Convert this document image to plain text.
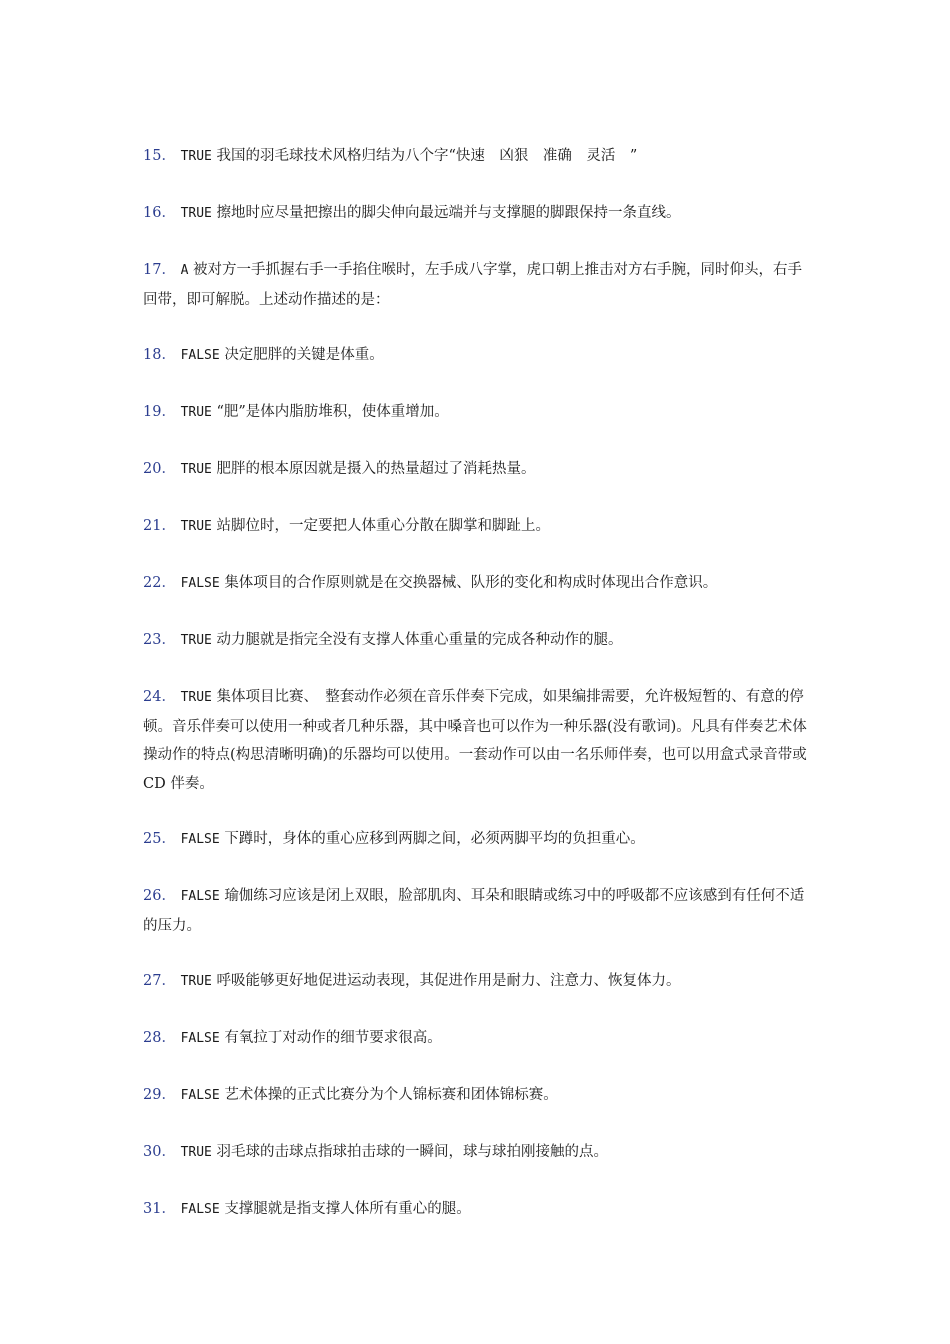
15． TRUE 我国的羽毛球技术风格归结为八个字“快速　凶狠　准确　灵活　”
16． TRUE 擦地时应尽量把擦出的脚尖伸向最远端并与支撑腿的脚跟保持一条直线。
17． A 被对方一手抓握右手一手掐住喉时，左手成八字掌，虎口朝上推击对方右手腕，同时仰头，右手回带，即可解脱。上述动作描述的是：
18． FALSE 决定肥胖的关键是体重。
19． TRUE “肥”是体内脂肪堆积，使体重增加。
20． TRUE 肥胖的根本原因就是摄入的热量超过了消耗热量。
21． TRUE 站脚位时，一定要把人体重心分散在脚掌和脚趾上。
22． FALSE 集体项目的合作原则就是在交换器械、队形的变化和构成时体现出合作意识。
23． TRUE 动力腿就是指完全没有支撑人体重心重量的完成各种动作的腿。
24． TRUE 集体项目比赛、　整套动作必须在音乐伴奏下完成，如果编排需要，允许极短暂的、有意的停顿。音乐伴奏可以使用一种或者几种乐器，其中嗓音也可以作为一种乐器(没有歌词)。凡具有伴奏艺术体操动作的特点(构思清晰明确)的乐器均可以使用。一套动作可以由一名乐师伴奏，也可以用盒式录音带或 CD 伴奏。
25． FALSE 下蹲时，身体的重心应移到两脚之间，必须两脚平均的负担重心。
26． FALSE 瑜伽练习应该是闭上双眼，脸部肌肉、耳朵和眼睛或练习中的呼吸都不应该感到有任何不适的压力。
27． TRUE 呼吸能够更好地促进运动表现，其促进作用是耐力、注意力、恢复体力。
28． FALSE 有氧拉丁对动作的细节要求很高。
29． FALSE 艺术体操的正式比赛分为个人锦标赛和团体锦标赛。
30． TRUE 羽毛球的击球点指球拍击球的一瞬间，球与球拍刚接触的点。
31． FALSE 支撑腿就是指支撑人体所有重心的腿。
